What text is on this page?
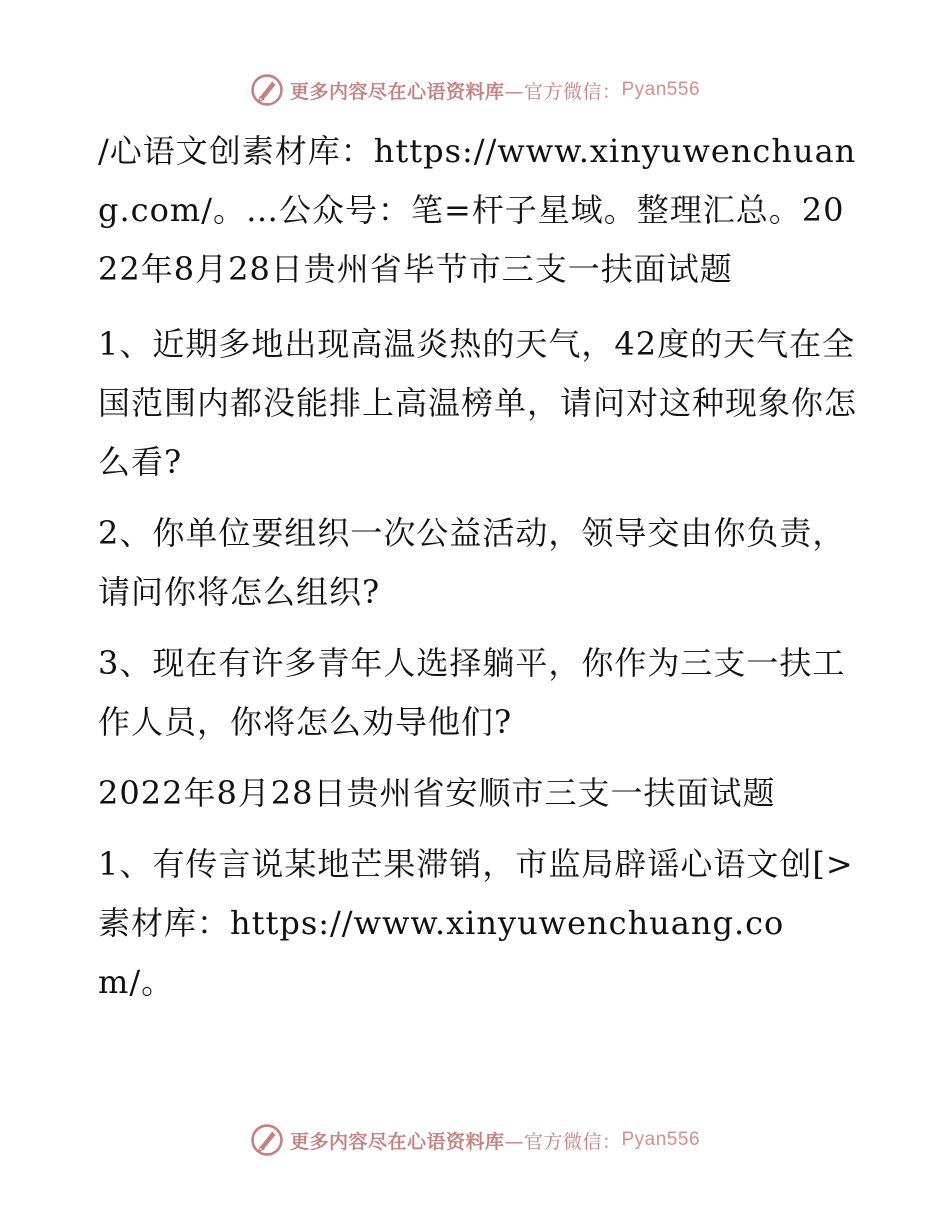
更多内容尽在心语资料库 —官方微信： Pyan556

/心语文创素材库：https://www.xinyuwenchuang.com/。…公众号：笔=杆子星域。整理汇总。2022年8月28日贵州省毕节市三支一扶面试题

1、近期多地出现高温炎热的天气，42度的天气在全国范围内都没能排上高温榜单，请问对这种现象你怎么看?

2、你单位要组织一次公益活动，领导交由你负责，请问你将怎么组织?

3、现在有许多青年人选择躺平，你作为三支一扶工作人员，你将怎么劝导他们?

2022年8月28日贵州省安顺市三支一扶面试题

1、有传言说某地芒果滞销，市监局辟谣心语文创[>素材库：https://www.xinyuwenchuang.com/。

更多内容尽在心语资料库 —官方微信： Pyan556
